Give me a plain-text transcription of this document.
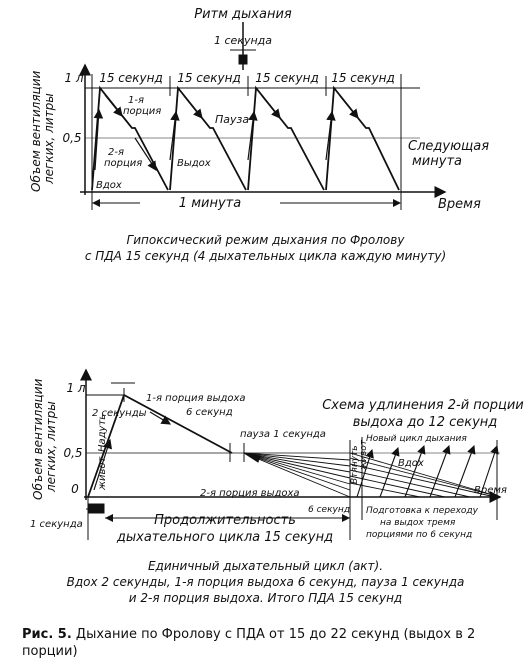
Ритм дыхания
1 секунда
1 л
0,5
15 секунд 15 секунд 15 секунд 15 секунд
1-я
порция
2-я
порция
Вдох
Пауза
Выдох
Следующая
минута
1 минута	Время
Объем вентиляции легких, литры
1 л
0,5
0
Объем вентиляции легких, литры	2 секунды
Надуть
живот
1-я порция выдоха
6 секунд
пауза 1 секунда
2-я порция выдоха
6 секунд
1 секунда	Продолжительность
дыхательного цикла 15 секунд
Схема удлинения 2-й порции
выдоха до 12 секунд
Новый цикл дыхания
Вдох
Втянуть живот
Время
Подготовка к переходу
на выдох тремя
порциями по 6 секунд
Гипоксический режим дыхания по Фролову
с ПДА 15 секунд (4 дыхательных цикла каждую минуту)
Единичный дыхательный цикл (акт).
Вдох 2 секунды, 1-я порция выдоха 6 секунд, пауза 1 секунда
и 2-я порция выдоха. Итого ПДА 15 секунд
Рис. 5. Дыхание по Фролову с ПДА от 15 до 22 секунд (выдох в 2 порции)
